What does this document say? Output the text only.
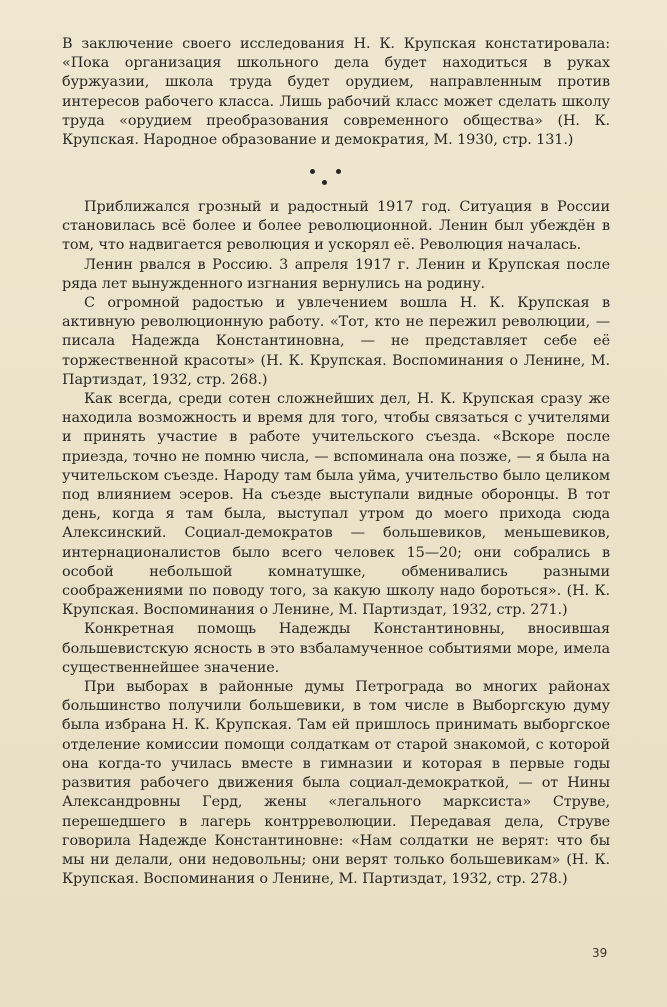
В заключение своего исследования Н. К. Крупская констатировала: «Пока организация школьного дела будет находиться в руках буржуазии, школа труда будет орудием, направленным против интересов рабочего класса. Лишь рабочий класс может сделать школу труда «орудием преобразования современного общества» (Н. К. Крупская. Народное образование и демократия, М. 1930, стр. 131.)

Приближался грозный и радостный 1917 год. Ситуация в России становилась всё более и более революционной. Ленин был убеждён в том, что надвигается революция и ускорял её. Революция началась.

Ленин рвался в Россию. 3 апреля 1917 г. Ленин и Крупская после ряда лет вынужденного изгнания вернулись на родину.

С огромной радостью и увлечением вошла Н. К. Крупская в активную революционную работу. «Тот, кто не пережил революции, — писала Надежда Константиновна, — не представляет себе её торжественной красоты» (Н. К. Крупская. Воспоминания о Ленине, М. Партиздат, 1932, стр. 268.)

Как всегда, среди сотен сложнейших дел, Н. К. Крупская сразу же находила возможность и время для того, чтобы связаться с учителями и принять участие в работе учительского съезда. «Вскоре после приезда, точно не помню числа, — вспоминала она позже, — я была на учительском съезде. Народу там была уйма, учительство было целиком под влиянием эсеров. На съезде выступали видные оборонцы. В тот день, когда я там была, выступал утром до моего прихода сюда Алексинский. Социал-демократов — большевиков, меньшевиков, интернационалистов было всего человек 15—20; они собрались в особой небольшой комнатушке, обменивались разными соображениями по поводу того, за какую школу надо бороться». (Н. К. Крупская. Воспоминания о Ленине, М. Партиздат, 1932, стр. 271.)

Конкретная помощь Надежды Константиновны, вносившая большевистскую ясность в это взбаламученное событиями море, имела существеннейшее значение.

При выборах в районные думы Петрограда во многих районах большинство получили большевики, в том числе в Выборгскую думу была избрана Н. К. Крупская. Там ей пришлось принимать выборгское отделение комиссии помощи солдаткам от старой знакомой, с которой она когда-то училась вместе в гимназии и которая в первые годы развития рабочего движения была социал-демократкой, — от Нины Александровны Герд, жены «легального марксиста» Струве, перешедшего в лагерь контрреволюции. Передавая дела, Струве говорила Надежде Константиновне: «Нам солдатки не верят: что бы мы ни делали, они недовольны; они верят только большевикам» (Н. К. Крупская. Воспоминания о Ленине, М. Партиздат, 1932, стр. 278.)

39
